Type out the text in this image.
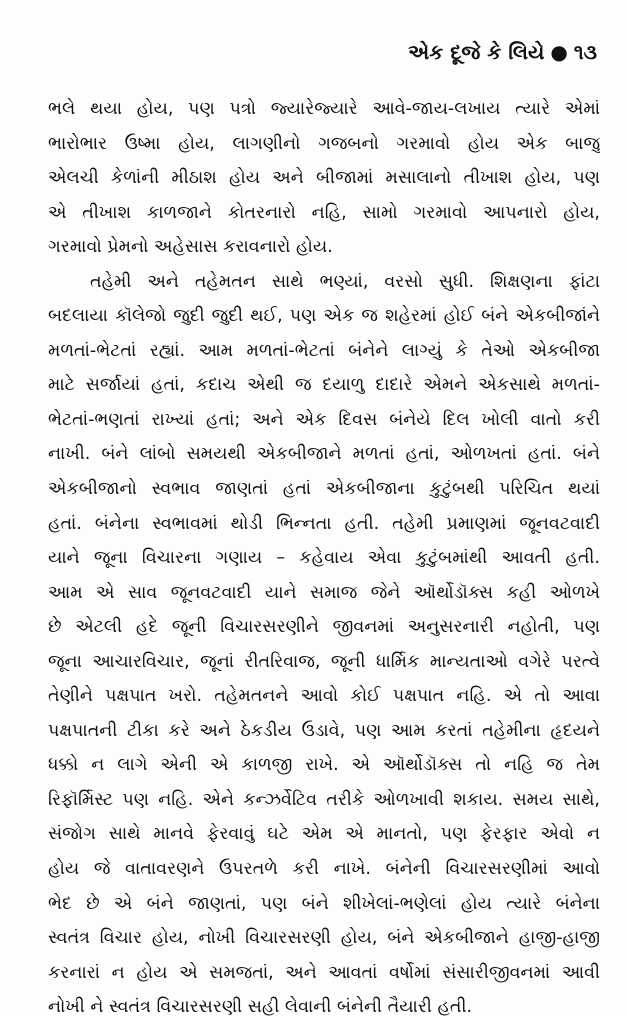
એક દૂજે કે લિયે ● ૧૩
ભલે થયા હોય, પણ પત્રો જ્યારેજ્યારે આવે-જાય-લખાય ત્યારે એમાં
ભારોભાર ઉષ્મા હોય, લાગણીનો ગજબનો ગરમાવો હોય એક બાજુ
એલચી કેળાંની મીઠાશ હોય અને બીજામાં મસાલાનો તીખાશ હોય, પણ
એ તીખાશ કાળજાને કોતરનારો નહિ, સામો ગરમાવો આપનારો હોય,
ગરમાવો પ્રેમનો અહેસાસ કરાવનારો હોય.
તહેમી અને તહેમતન સાથે ભણ્યાં, વરસો સુધી. શિક્ષણના ફાંટા
બદલાયા કૉલેજો જુદી જુદી થઈ, પણ એક જ શહેરમાં હોઈ બંને એકબીજાંને
મળતાં-ભેટતાં રહ્યાં. આમ મળતાં-ભેટતાં બંનેને લાગ્યું કે તેઓ એકબીજા
માટે સર્જાયાં હતાં, કદાચ એથી જ દયાળુ દાદારે એમને એકસાથે મળતાં-
ભેટતાં-ભણતાં રાખ્યાં હતાં; અને એક દિવસ બંનેયે દિલ ખોલી વાતો કરી
નાખી. બંને લાંબો સમયથી એકબીજાને મળતાં હતાં, ઓળખતાં હતાં. બંને
એકબીજાનો સ્વભાવ જાણતાં હતાં એકબીજાના કુટુંબથી પરિચિત થયાં
હતાં. બંનેના સ્વભાવમાં થોડી ભિન્નતા હતી. તહેમી પ્રમાણમાં જૂનવટવાદી
યાને જૂના વિચારના ગણાય – કહેવાય એવા કુટુંબમાંથી આવતી હતી.
આમ એ સાવ જૂનવટવાદી યાને સમાજ જેને ઑર્થોડૉક્સ કહી ઓળખે
છે એટલી હદે જૂની વિચારસરણીને જીવનમાં અનુસરનારી નહોતી, પણ
જૂના આચારવિચાર, જૂનાં રીતરિવાજ, જૂની ધાર્મિક માન્યતાઓ વગેરે પરત્વે
તેણીને પક્ષપાત ખરો. તહેમતનને આવો કોઈ પક્ષપાત નહિ. એ તો આવા
પક્ષપાતની ટીકા કરે અને ઠેકડીય ઉડાવે, પણ આમ કરતાં તહેમીના હૃદયને
ધક્કો ન લાગે એની એ કાળજી રાખે. એ ઑર્થોડૉક્સ તો નહિ જ તેમ
રિફૉર્મિસ્ટ પણ નહિ. એને કન્ઝર્વેટિવ તરીકે ઓળખાવી શકાય. સમય સાથે,
સંજોગ સાથે માનવે ફેરવાવું ઘટે એમ એ માનતો, પણ ફેરફાર એવો ન
હોય જે વાતાવરણને ઉપરતળે કરી નાખે. બંનેની વિચારસરણીમાં આવો
ભેદ છે એ બંને જાણતાં, પણ બંને શીખેલાં-ભણેલાં હોય ત્યારે બંનેના
સ્વતંત્ર વિચાર હોય, નોખી વિચારસરણી હોય, બંને એકબીજાને હાજી-હાજી
કરનારાં ન હોય એ સમજતાં, અને આવતાં વર્ષોમાં સંસારીજીવનમાં આવી
નોખી ને સ્વતંત્ર વિચારસરણી સહી લેવાની બંનેની તૈયારી હતી.
